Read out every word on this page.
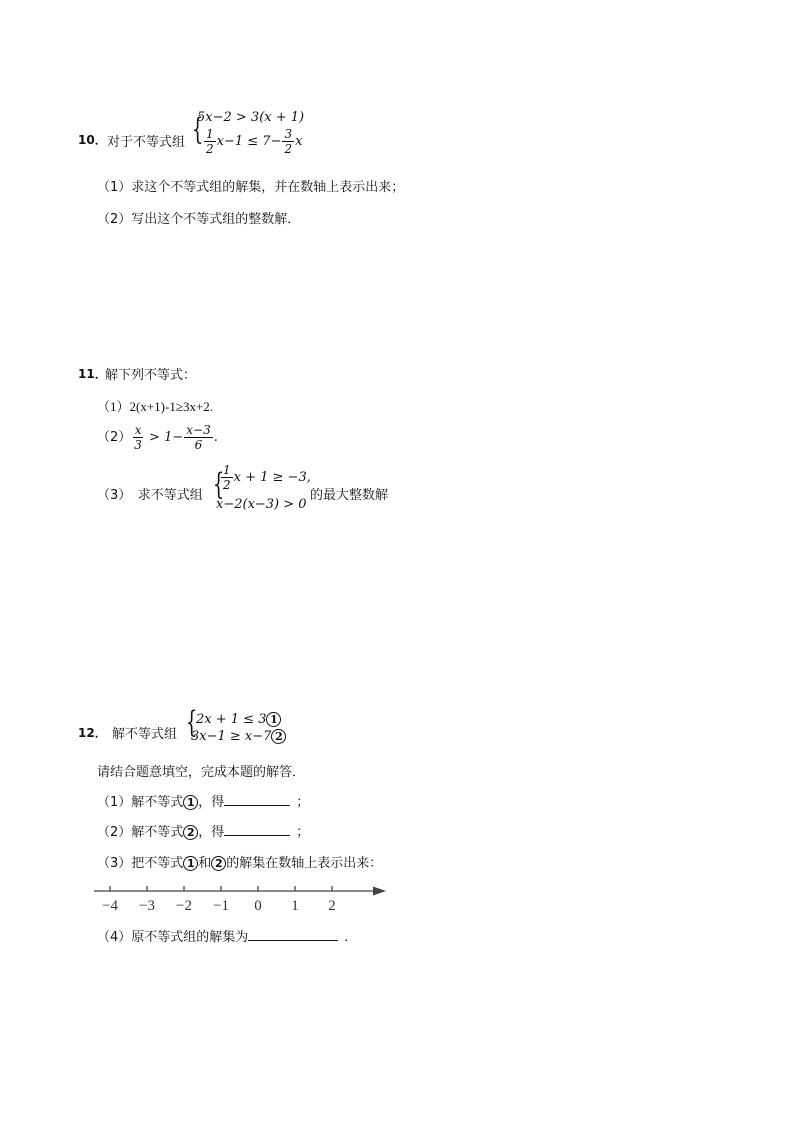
10． 对于不等式组 {
5x−2 > 3(x + 1)
$\frac{1}{2} x-1 \le 7- \frac{3}{2}$ x
（1）求这个不等式组的解集，并在数轴上表示出来；
（2）写出这个不等式组的整数解．
11．
解下列不等式：
（1）2(x+1)-1≥3x+2.
$(2) \frac{x}{3} > 1- \frac{x-3}{6}$ .
（3）　求不等式组 {
$\frac{1}{2}$ x + 1 ≥ −3,
x−2(x−3) > 0
的最大整数解
12． 解不等式组 {
2x + 1 ≤ 3 1
3x−1 ≥ x−7 2
请结合题意填空，完成本题的解答．
（1）解不等式 1 ，得	；
（2）解不等式 2 ，得	；
（3）把不等式 1 和 2 的解集在数轴上表示出来：
−4 −3 −2 −1 0 1 2
（4）原不等式组的解集为	．
